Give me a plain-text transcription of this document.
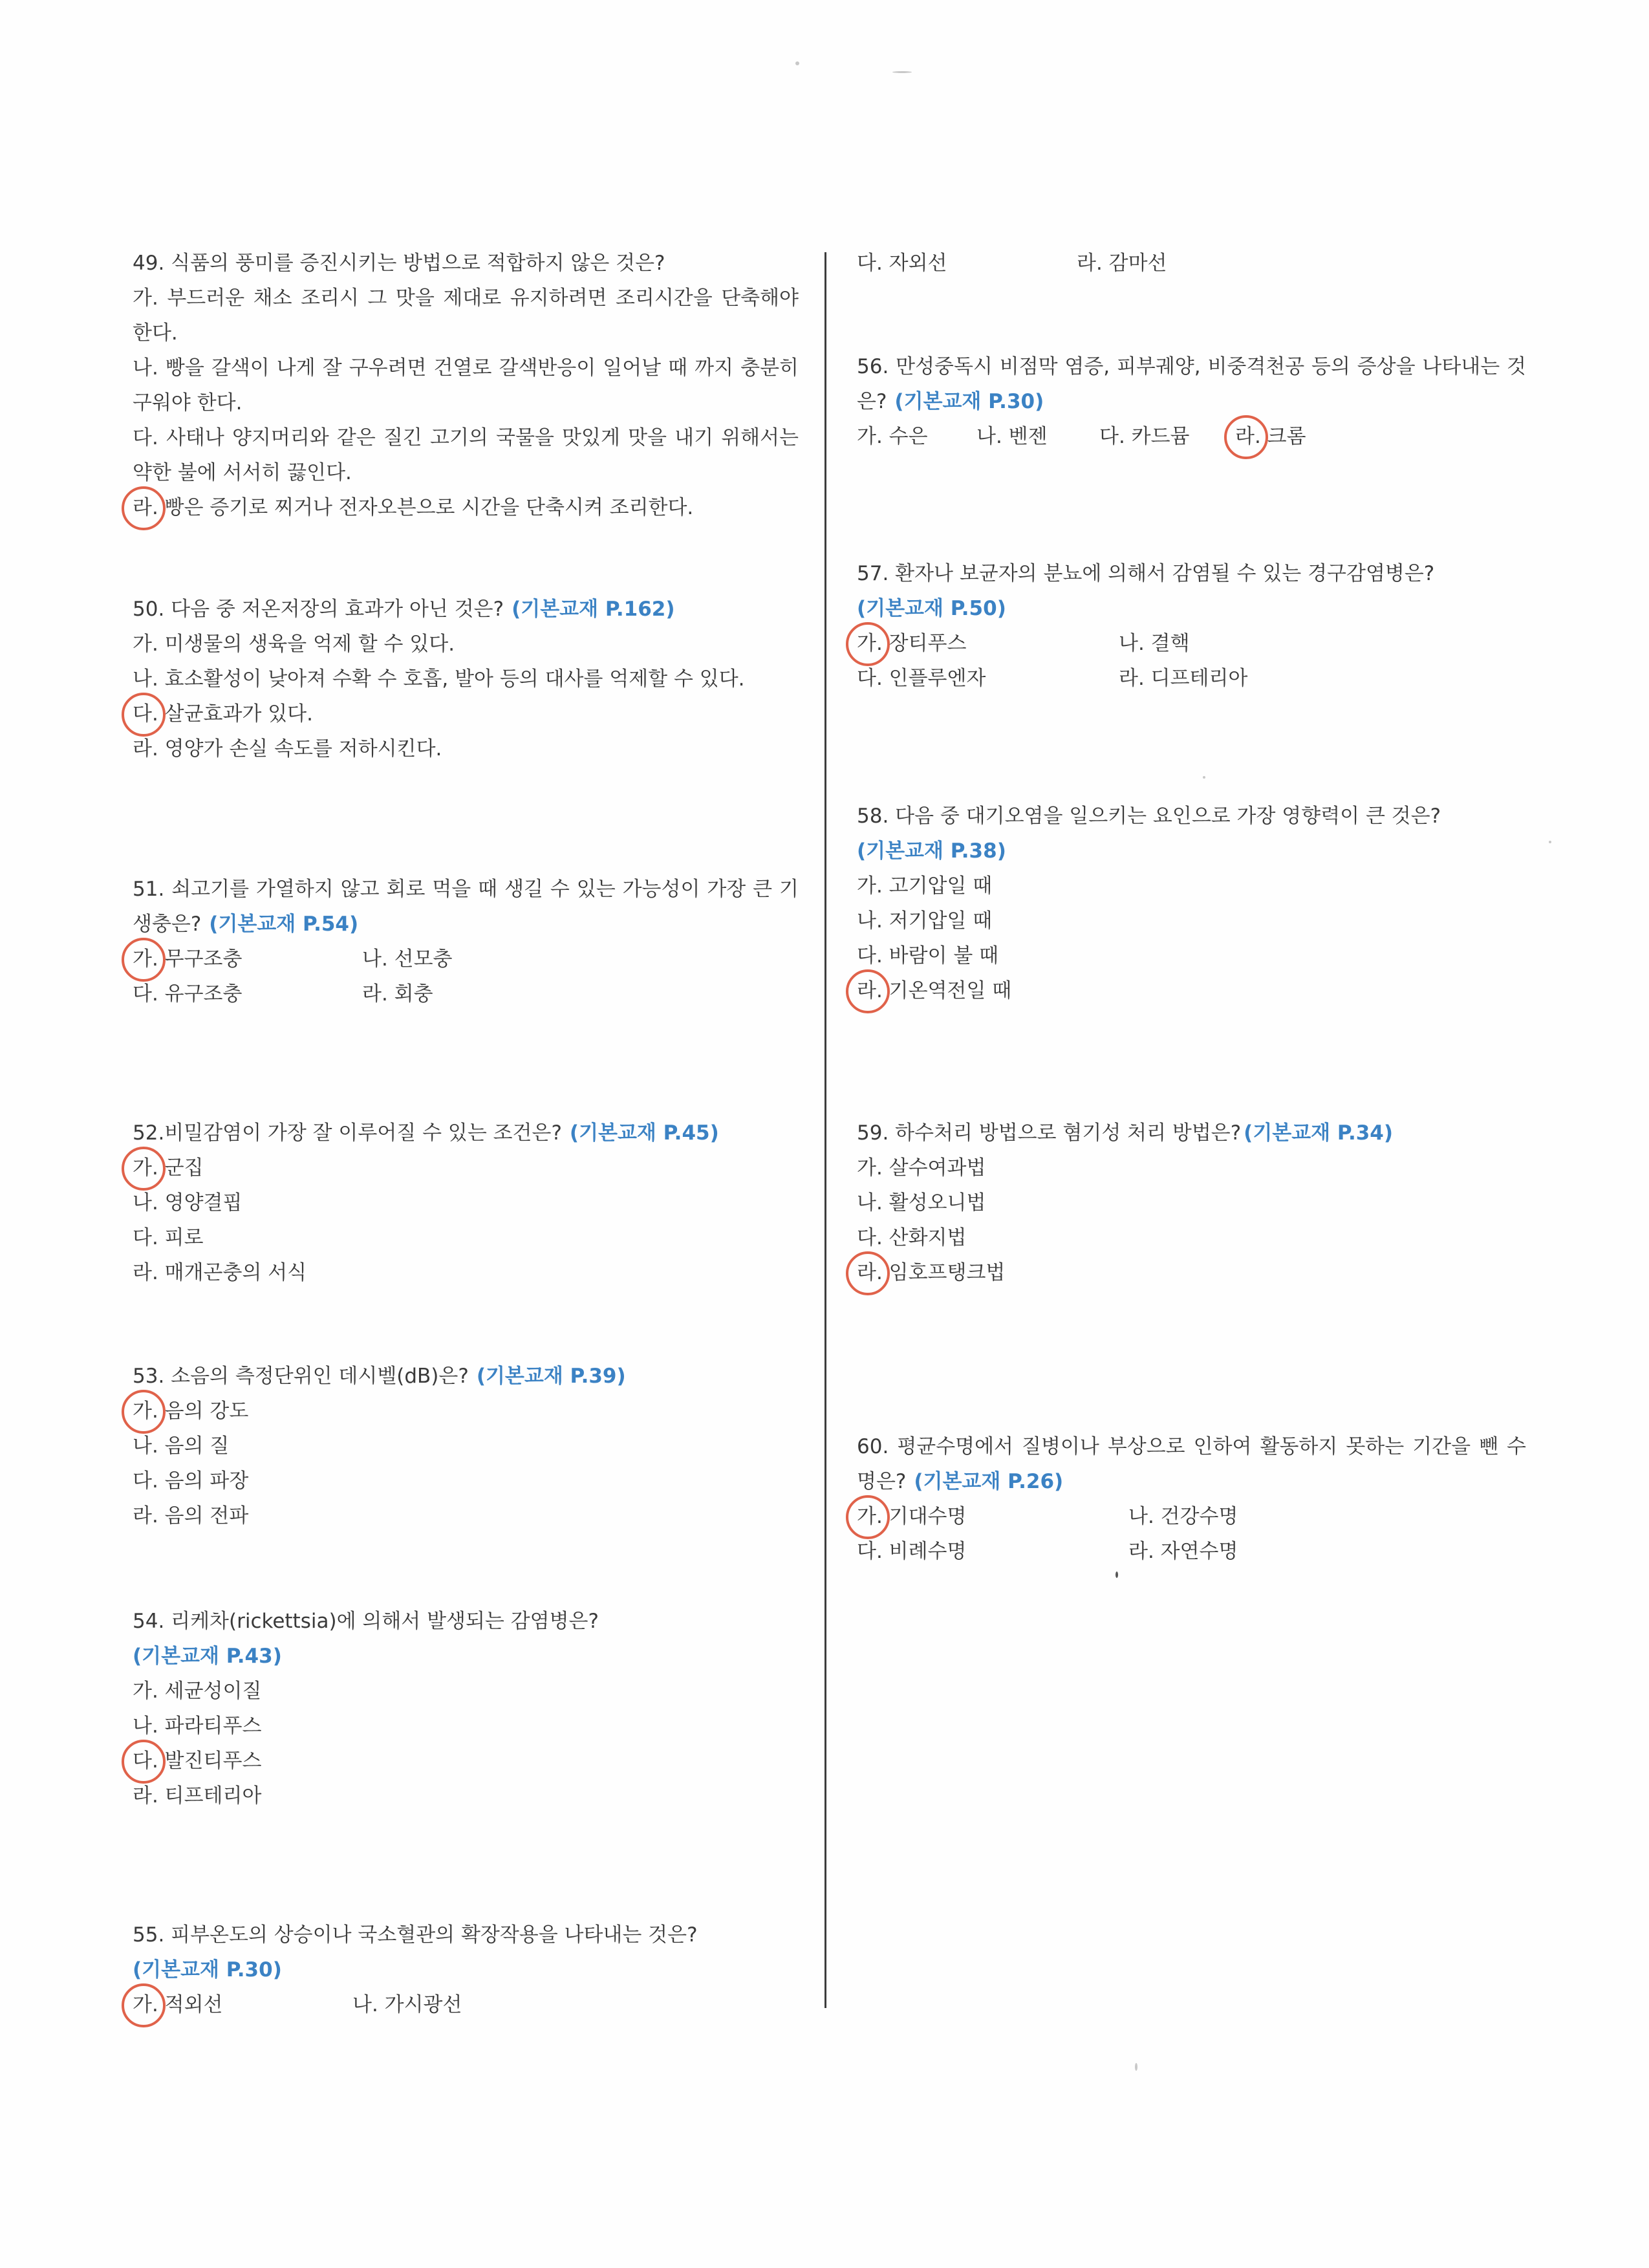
49. 식품의 풍미를 증진시키는 방법으로 적합하지 않은 것은?
가. 부드러운 채소 조리시 그 맛을 제대로 유지하려면 조리시간을 단축해야 한다.
나. 빵을 갈색이 나게 잘 구우려면 건열로 갈색반응이 일어날 때 까지 충분히 구워야 한다.
다. 사태나 양지머리와 같은 질긴 고기의 국물을 맛있게 맛을 내기 위해서는 약한 불에 서서히 끓인다.
라. 빵은 증기로 찌거나 전자오븐으로 시간을 단축시켜 조리한다.
50. 다음 중 저온저장의 효과가 아닌 것은? (기본교재 P.162)
가. 미생물의 생육을 억제 할 수 있다.
나. 효소활성이 낮아져 수확 수 호흡, 발아 등의 대사를 억제할 수 있다.
다. 살균효과가 있다.
라. 영양가 손실 속도를 저하시킨다.
51. 쇠고기를 가열하지 않고 회로 먹을 때 생길 수 있는 가능성이 가장 큰 기생충은? (기본교재 P.54)
가. 무구조충	나. 선모충
다. 유구조충	라. 회충
52.비밀감염이 가장 잘 이루어질 수 있는 조건은? (기본교재 P.45)
가. 군집
나. 영양결핍
다. 피로
라. 매개곤충의 서식
53. 소음의 측정단위인 데시벨(dB)은? (기본교재 P.39)
가. 음의 강도
나. 음의 질
다. 음의 파장
라. 음의 전파
54. 리케차(rickettsia)에 의해서 발생되는 감염병은?
(기본교재 P.43)
가. 세균성이질
나. 파라티푸스
다. 발진티푸스
라. 티프테리아
55. 피부온도의 상승이나 국소혈관의 확장작용을 나타내는 것은?
(기본교재 P.30)
가. 적외선	나. 가시광선
다. 자외선	라. 감마선
56. 만성중독시 비점막 염증, 피부궤양, 비중격천공 등의 증상을 나타내는 것은? (기본교재 P.30)
가. 수은	나. 벤젠	다. 카드뮴	라. 크롬
57. 환자나 보균자의 분뇨에 의해서 감염될 수 있는 경구감염병은?
(기본교재 P.50)
가. 장티푸스	나. 결핵
다. 인플루엔자	라. 디프테리아
58. 다음 중 대기오염을 일으키는 요인으로 가장 영향력이 큰 것은?
(기본교재 P.38)
가. 고기압일 때
나. 저기압일 때
다. 바람이 불 때
라. 기온역전일 때
59. 하수처리 방법으로 혐기성 처리 방법은? (기본교재 P.34)
가. 살수여과법
나. 활성오니법
다. 산화지법
라. 임호프탱크법
60. 평균수명에서 질병이나 부상으로 인하여 활동하지 못하는 기간을 뺀 수명은? (기본교재 P.26)
가. 기대수명	나. 건강수명
다. 비례수명	라. 자연수명
